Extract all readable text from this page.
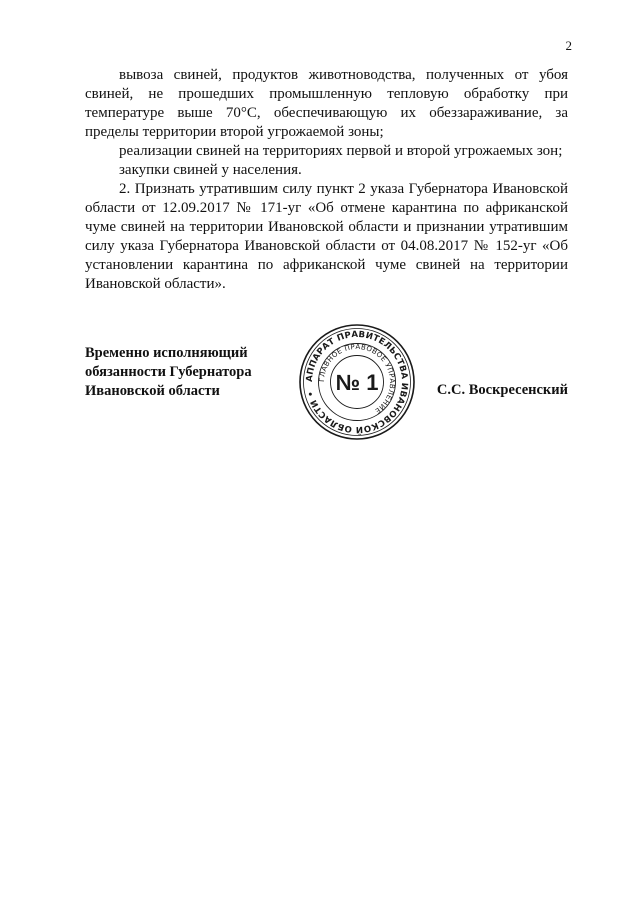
2

вывоза свиней, продуктов животноводства, полученных от убоя свиней, не прошедших промышленную тепловую обработку при температуре выше 70°С, обеспечивающую их обеззараживание, за пределы территории второй угрожаемой зоны;

реализации свиней на территориях первой и второй угрожаемых зон;

закупки свиней у населения.

2. Признать утратившим силу пункт 2 указа Губернатора Ивановской области от 12.09.2017 № 171-уг «Об отмене карантина по африканской чуме свиней на территории Ивановской области и признании утратившим силу указа Губернатора Ивановской области от 04.08.2017 № 152-уг «Об установлении карантина по африканской чуме свиней на территории Ивановской области».

Временно исполняющий
обязанности Губернатора
Ивановской области
АППАРАТ ПРАВИТЕЛЬСТВА ИВАНОВСКОЙ ОБЛАСТИ •
ГЛАВНОЕ ПРАВОВОЕ УПРАВЛЕНИЕ
№ 1	С.С. Воскресенский
